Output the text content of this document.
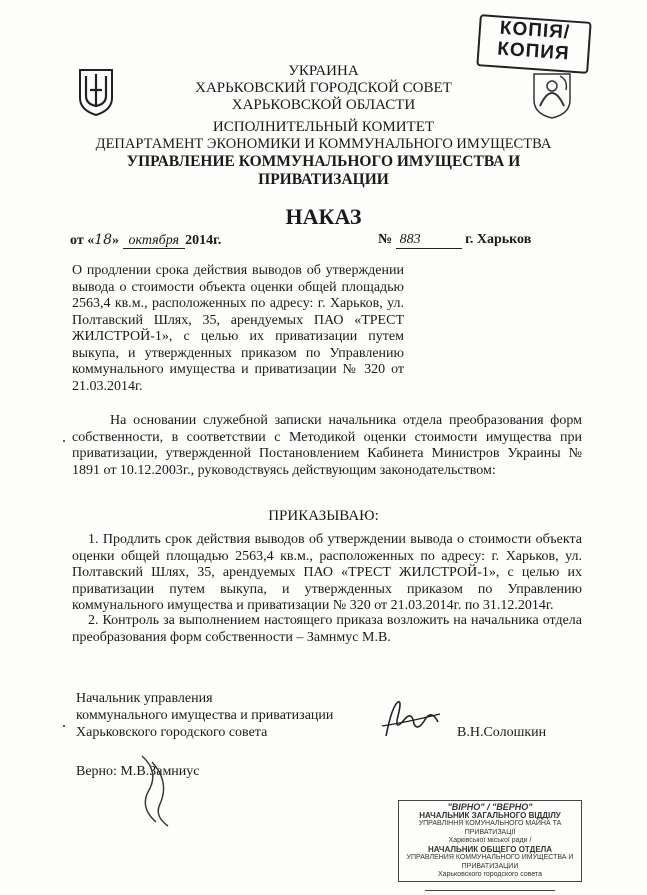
КОПІЯ/
КОПИЯ
УКРАИНА
ХАРЬКОВСКИЙ ГОРОДСКОЙ СОВЕТ
ХАРЬКОВСКОЙ ОБЛАСТИ
ИСПОЛНИТЕЛЬНЫЙ КОМИТЕТ
ДЕПАРТАМЕНТ ЭКОНОМИКИ И КОММУНАЛЬНОГО ИМУЩЕСТВА
УПРАВЛЕНИЕ КОММУНАЛЬНОГО ИМУЩЕСТВА И
ПРИВАТИЗАЦИИ
НАКАЗ
от «18» октября 2014г.	№ 883	г. Харьков
О продлении срока действия выводов об утверждении вывода о стоимости объекта оценки общей площадью 2563,4 кв.м., расположенных по адресу: г. Харьков, ул. Полтавский Шлях, 35, арендуемых ПАО «ТРЕСТ ЖИЛСТРОЙ-1», с целью их приватизации путем выкупа, и утвержденных приказом по Управлению коммунального имущества и приватизации № 320 от 21.03.2014г.
На основании служебной записки начальника отдела преобразования форм собственности, в соответствии с Методикой оценки стоимости имущества при приватизации, утвержденной Постановлением Кабинета Министров Украины № 1891 от 10.12.2003г., руководствуясь действующим законодательством:
ПРИКАЗЫВАЮ:
1. Продлить срок действия выводов об утверждении вывода о стоимости объекта оценки общей площадью 2563,4 кв.м., расположенных по адресу: г. Харьков, ул. Полтавский Шлях, 35, арендуемых ПАО «ТРЕСТ ЖИЛСТРОЙ-1», с целью их приватизации путем выкупа, и утвержденных приказом по Управлению коммунального имущества и приватизации № 320 от 21.03.2014г. по 31.12.2014г.
2. Контроль за выполнением настоящего приказа возложить на начальника отдела преобразования форм собственности – Замнмус М.В.
Начальник управления
коммунального имущества и приватизации
Харьковского городского совета	В.Н.Солошкин
Верно: М.В.Замниус
"ВІРНО" / "ВЕРНО"
НАЧАЛЬНИК ЗАГАЛЬНОГО ВІДДІЛУ
УПРАВЛІННЯ КОМУНАЛЬНОГО МАЙНА ТА ПРИВАТИЗАЦІЇ
Харківської міської ради /
НАЧАЛЬНИК ОБЩЕГО ОТДЕЛА
УПРАВЛЕНИЯ КОММУНАЛЬНОГО ИМУЩЕСТВА И ПРИВАТИЗАЦИИ
Харьковского городского совета
